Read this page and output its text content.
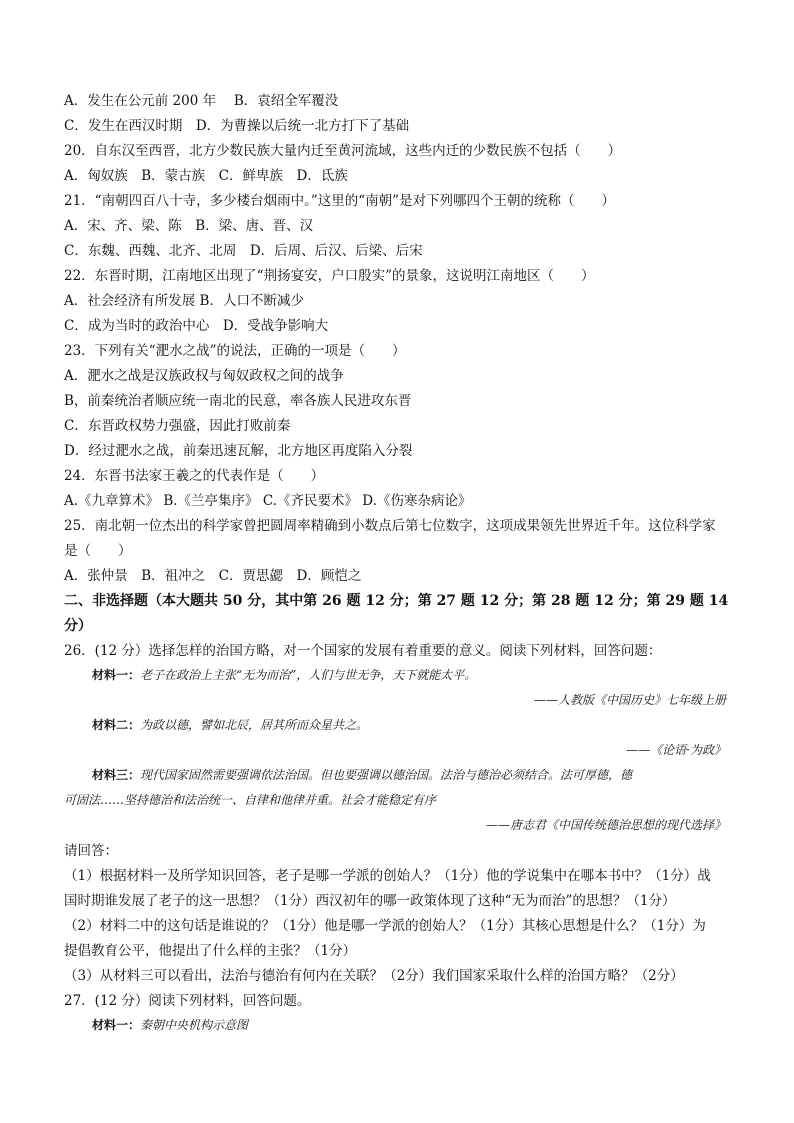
A．发生在公元前 200 年　 B．袁绍全军覆没
C．发生在西汉时期　D．为曹操以后统一北方打下了基础
20．自东汉至西晋，北方少数民族大量内迁至黄河流域，这些内迁的少数民族不包括（　　）
A．匈奴族　B．蒙古族　C．鲜卑族　D．氐族
21．“南朝四百八十寺，多少楼台烟雨中。”这里的“南朝”是对下列哪四个王朝的统称（　　）
A．宋、齐、梁、陈　B．梁、唐、晋、汉
C．东魏、西魏、北齐、北周　D．后周、后汉、后梁、后宋
22．东晋时期，江南地区出现了“荆扬宴安，户口殷实”的景象，这说明江南地区（　　）
A．社会经济有所发展 B．人口不断减少
C．成为当时的政治中心　D．受战争影响大
23．下列有关“淝水之战”的说法，正确的一项是（　　）
A．淝水之战是汉族政权与匈奴政权之间的战争
B，前秦统治者顺应统一南北的民意，率各族人民进攻东晋
C．东晋政权势力强盛，因此打败前秦
D．经过淝水之战，前秦迅速瓦解，北方地区再度陷入分裂
24．东晋书法家王羲之的代表作是（　　）
A.《九章算术》 B.《兰亭集序》 C.《齐民要术》 D.《伤寒杂病论》
25．南北朝一位杰出的科学家曾把圆周率精确到小数点后第七位数字，这项成果领先世界近千年。这位科学家
是（　　）
A．张仲景　B．祖冲之　C．贾思勰　D．顾恺之
二、非选择题（本大题共 50 分，其中第 26 题 12 分；第 27 题 12 分；第 28 题 12 分；第 29 题 14
分）
26．(12 分）选择怎样的治国方略，对一个国家的发展有着重要的意义。阅读下列材料，回答问题：
材料一：老子在政治上主张“无为而治”，人们与世无争，天下就能太平。
——人教版《中国历史》七年级上册
材料二：为政以德，譬如北辰，居其所而众星共之。
——《论语·为政》
材料三：现代国家固然需要强调依法治国。但也要强调以德治国。法治与德治必须结合。法可厚德，德
可固法……坚持德治和法治统一、自律和他律并重。社会才能稳定有序
——唐志君《中国传统德治思想的现代选择》
请回答：
（1）根据材料一及所学知识回答，老子是哪一学派的创始人？（1分）他的学说集中在哪本书中？（1分）战
国时期谁发展了老子的这一思想？（1分）西汉初年的哪一政策体现了这种“无为而治”的思想？（1分）
（2）材料二中的这句话是谁说的？（1分）他是哪一学派的创始人？（1分）其核心思想是什么？（1分）为
提倡教育公平，他提出了什么样的主张？（1分）
（3）从材料三可以看出，法治与德治有何内在关联？（2分）我们国家采取什么样的治国方略？（2分）
27．(12 分）阅读下列材料，回答问题。
材料一：秦朝中央机构示意图
